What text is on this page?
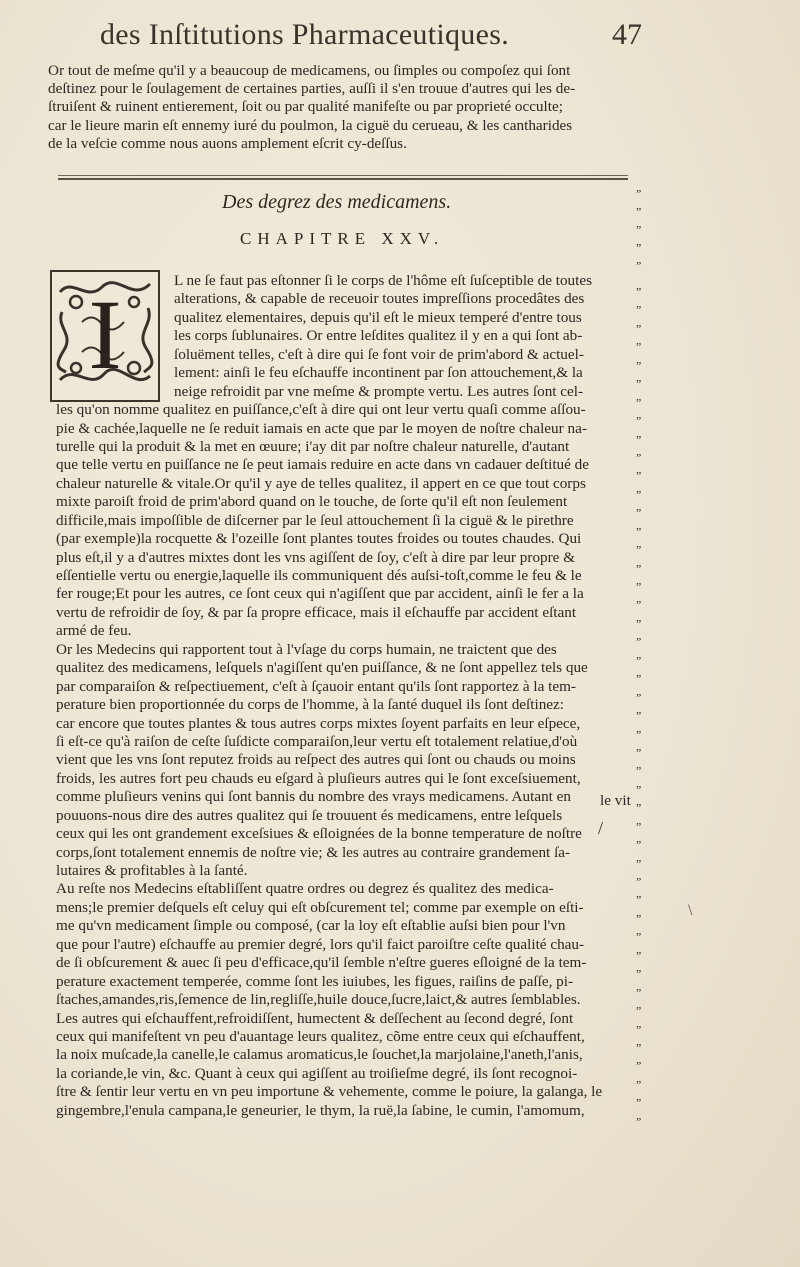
des Inſtitutions Pharmaceutiques.	47
Or tout de meſme qu'il y a beaucoup de medicamens, ou ſimples ou compoſez qui ſont
deſtinez pour le ſoulagement de certaines parties, auſſi il s'en trouue d'autres qui les de-
ſtruiſent & ruinent entierement, ſoit ou par qualité manifeſte ou par proprieté occulte;
car le lieure marin eſt ennemy iuré du poulmon, la ciguë du cerueau, & les cantharides
de la veſcie comme nous auons amplement eſcrit cy-deſſus.
Des degrez des medicamens.
CHAPITRE XXV.
I	L ne ſe faut pas eſtonner ſi le corps de l'hôme eſt ſuſceptible de toutes
alterations, & capable de receuoir toutes impreſſions procedâtes des
qualitez elementaires, depuis qu'il eſt le mieux temperé d'entre tous
les corps ſublunaires. Or entre leſdites qualitez il y en a qui ſont ab-
ſoluëment telles, c'eſt à dire qui ſe font voir de prim'abord & actuel-
lement: ainſi le feu eſchauffe incontinent par ſon attouchement,& la
neige refroidit par vne meſme & prompte vertu. Les autres ſont cel-
les qu'on nomme qualitez en puiſſance,c'eſt à dire qui ont leur vertu quaſi comme aſſou-
pie & cachée,laquelle ne ſe reduit iamais en acte que par le moyen de noſtre chaleur na-
turelle qui la produit & la met en œuure; i'ay dit par noſtre chaleur naturelle, d'autant
que telle vertu en puiſſance ne ſe peut iamais reduire en acte dans vn cadauer deſtitué de
chaleur naturelle & vitale.Or qu'il y aye de telles qualitez, il appert en ce que tout corps
mixte paroiſt froid de prim'abord quand on le touche, de ſorte qu'il eſt non ſeulement
difficile,mais impoſſible de diſcerner par le ſeul attouchement ſi la ciguë & le pirethre
(par exemple)la rocquette & l'ozeille ſont plantes toutes froides ou toutes chaudes. Qui
plus eſt,il y a d'autres mixtes dont les vns agiſſent de ſoy, c'eſt à dire par leur propre &
eſſentielle vertu ou energie,laquelle ils communiquent dés auſsi-toſt,comme le feu & le
fer rouge;Et pour les autres, ce ſont ceux qui n'agiſſent que par accident, ainſi le fer a la
vertu de refroidir de ſoy, & par ſa propre efficace, mais il eſchauffe par accident eſtant
armé de feu.
Or les Medecins qui rapportent tout à l'vſage du corps humain, ne traictent que des
qualitez des medicamens, leſquels n'agiſſent qu'en puiſſance, & ne ſont appellez tels que
par comparaiſon & reſpectiuement, c'eſt à ſçauoir entant qu'ils ſont rapportez à la tem-
perature bien proportionnée du corps de l'homme, à la ſanté duquel ils ſont deſtinez:
car encore que toutes plantes & tous autres corps mixtes ſoyent parfaits en leur eſpece,
ſi eſt-ce qu'à raiſon de ceſte ſuſdicte comparaiſon,leur vertu eſt totalement relatiue,d'où
vient que les vns ſont reputez froids au reſpect des autres qui ſont ou chauds ou moins
froids, les autres fort peu chauds eu eſgard à pluſieurs autres qui le ſont exceſsiuement,
comme pluſieurs venins qui ſont bannis du nombre des vrays medicamens. Autant en
pouuons-nous dire des autres qualitez qui ſe trouuent és medicamens, entre leſquels
ceux qui les ont grandement exceſsiues & eſloignées de la bonne temperature de noſtre
corps,ſont totalement ennemis de noſtre vie; & les autres au contraire grandement ſa-
lutaires & profitables à la ſanté.
Au reſte nos Medecins eſtabliſſent quatre ordres ou degrez és qualitez des medica-
mens;le premier deſquels eſt celuy qui eſt obſcurement tel; comme par exemple on eſti-
me qu'vn medicament ſimple ou composé, (car la loy eſt eſtablie auſsi bien pour l'vn
que pour l'autre) eſchauffe au premier degré, lors qu'il faict paroiſtre ceſte qualité chau-
de ſi obſcurement & auec ſi peu d'efficace,qu'il ſemble n'eſtre gueres eſloigné de la tem-
perature exactement temperée, comme ſont les iuiubes, les figues, raiſins de paſſe, pi-
ſtaches,amandes,ris,ſemence de lin,regliſſe,huile douce,ſucre,laict,& autres ſemblables.
Les autres qui eſchauffent,refroidiſſent, humectent & deſſechent au ſecond degré, ſont
ceux qui manifeſtent vn peu d'auantage leurs qualitez, cõme entre ceux qui eſchauffent,
la noix muſcade,la canelle,le calamus aromaticus,le ſouchet,la marjolaine,l'aneth,l'anis,
la coriande,le vin, &c. Quant à ceux qui agiſſent au troiſieſme degré, ils ſont recognoi-
ſtre & ſentir leur vertu en vn peu importune & vehemente, comme le poiure, la galanga, le
gingembre,l'enula campana,le geneurier, le thym, la ruë,la ſabine, le cumin, l'amomum,
„
„
„
„
„
„
„
„
„
„
„
„
„
„
„
„
„
„
„
„
„
„
„
„
„
„
„
„
„
„
„
„
„
„
„
„
„
„
„
„
„
„
„
„
„
„
„
„
„
„
„
le vit
/
\
